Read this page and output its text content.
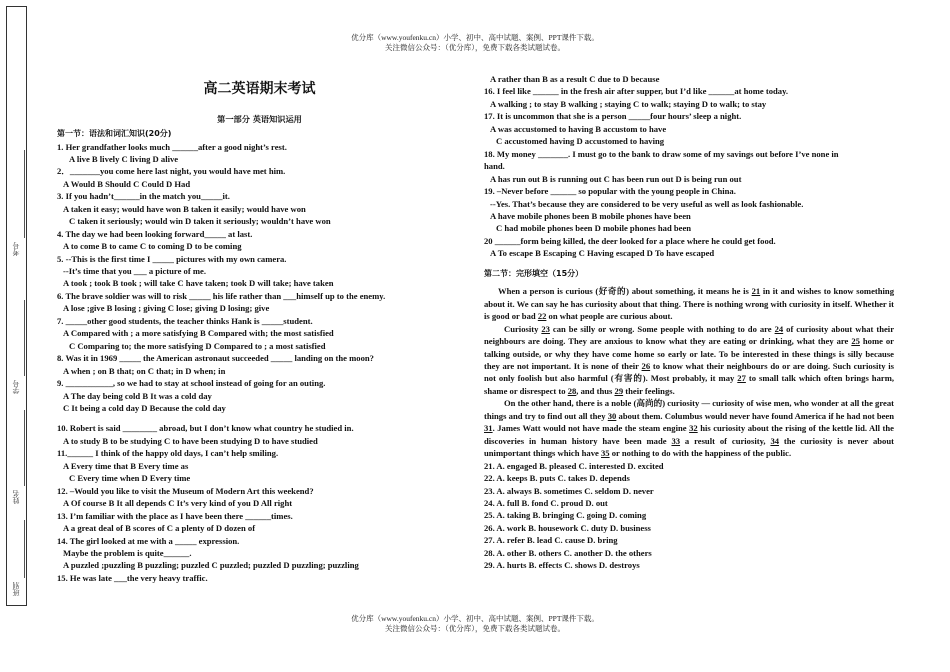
优分库（www.youfenku.cn）小学、初中、高中试题、案例、PPT课件下载。
关注微信公众号：（优分库），免费下载各类试题试卷。
考号
学号
姓名
班别
高二英语期末考试
第一部分 英语知识运用
第一节：语法和词汇知识(20分)
1. Her grandfather looks much ______after a good night’s rest.
A live B lively C living D alive
2．_______you come here last night, you would have met him.
A Would B Should C Could D Had
3. If you hadn’t______in the match you_____it.
A taken it easy; would have won B taken it easily; would have won
C taken it seriously; would win D taken it seriously; wouldn’t have won
4. The day we had been looking forward_____ at last.
A to come B to came C to coming D to be coming
5. --This is the first time I _____ pictures with my own camera.
--It’s time that you ___ a picture of me.
A took ; took B took ; will take C have taken; took D will take; have taken
6. The brave soldier was will to risk _____ his life rather than ___himself up to the enemy.
A lose ;give B losing ; giving C lose; giving D losing; give
7. _____other good students, the teacher thinks Hank is _____student.
A Compared with ; a more satisfying B Compared with; the most satisfied
C Comparing to; the more satisfying D Compared to ; a most satisfied
8. Was it in 1969 _____ the American astronaut succeeded _____ landing on the moon?
A when ; on B that; on C that; in D when; in
9. ___________, so we had to stay at school instead of going for an outing.
A The day being cold B It was a cold day
C It being a cold day D Because the cold day
10. Robert is said ________ abroad, but I don’t know what country he studied in.
A to study B to be studying C to have been studying D to have studied
11.______ I think of the happy old days, I can’t help smiling.
A Every time that B Every time as
C Every time when D Every time
12. –Would you like to visit the Museum of Modern Art this weekend?
A Of course B It all depends C It’s very kind of you D All right
13. I’m familiar with the place as I have been there ______times.
A a great deal of B scores of C a plenty of D dozen of
14. The girl looked at me with a _____ expression.
Maybe the problem is quite______.
A puzzled ;puzzling B puzzling; puzzled C puzzled; puzzled D puzzling; puzzling
15. He was late ___the very heavy traffic.
A rather than B as a result C due to D because
16. I feel like ______ in the fresh air after supper, but I’d like ______at home today.
A walking ; to stay B walking ; staying C to walk; staying D to walk; to stay
17. It is uncommon that she is a person _____four hours’ sleep a night.
A was accustomed to having B accustom to have
C accustomed having D accustomed to having
18. My money _______. I must go to the bank to draw some of my savings out before I’ve none in
hand.
A has run out B is running out C has been run out D is being run out
19. –Never before ______ so popular with the young people in China.
--Yes. That’s because they are considered to be very useful as well as look fashionable.
A have mobile phones been B mobile phones have been
C had mobile phones been D mobile phones had been
20 ______form being killed, the deer looked for a place where he could get food.
A To escape B Escaping C Having escaped D To have escaped
第二节：完形填空（15分）
When a person is curious (好奇的) about something, it means he is 21 in it and wishes to know something about it. We can say he has curiosity about that thing. There is nothing wrong with curiosity in itself. Whether it is good or bad 22 on what people are curious about.
Curiosity 23 can be silly or wrong. Some people with nothing to do are 24 of curiosity about what their neighbours are doing. They are anxious to know what they are eating or drinking, what they are 25 home or talking outside, or why they have come home so early or late. To be interested in these things is silly because they are not important. It is none of their 26 to know what their neighbours do or are doing. Such curiosity is not only foolish but also harmful (有害的). Most probably, it may 27 to small talk which often brings harm, shame or disrespect to 28, and thus 29 their feelings.
On the other hand, there is a noble (高尚的) curiosity — curiosity of wise men, who wonder at all the great things and try to find out all they 30 about them. Columbus would never have found America if he had not been 31. James Watt would not have made the steam engine 32 his curiosity about the rising of the kettle lid. All the discoveries in human history have been made 33 a result of curiosity, 34 the curiosity is never about unimportant things which have 35 or nothing to do with the happiness of the public.
21. A. engaged B. pleased C. interested D. excited
22. A. keeps B. puts C. takes D. depends
23. A. always B. sometimes C. seldom D. never
24. A. full B. fond C. proud D. out
25. A. taking B. bringing C. going D. coming
26. A. work B. housework C. duty D. business
27. A. refer B. lead C. cause D. bring
28. A. other B. others C. another D. the others
29. A. hurts B. effects C. shows D. destroys
优分库（www.youfenku.cn）小学、初中、高中试题、案例、PPT课件下载。
关注微信公众号：（优分库），免费下载各类试题试卷。
